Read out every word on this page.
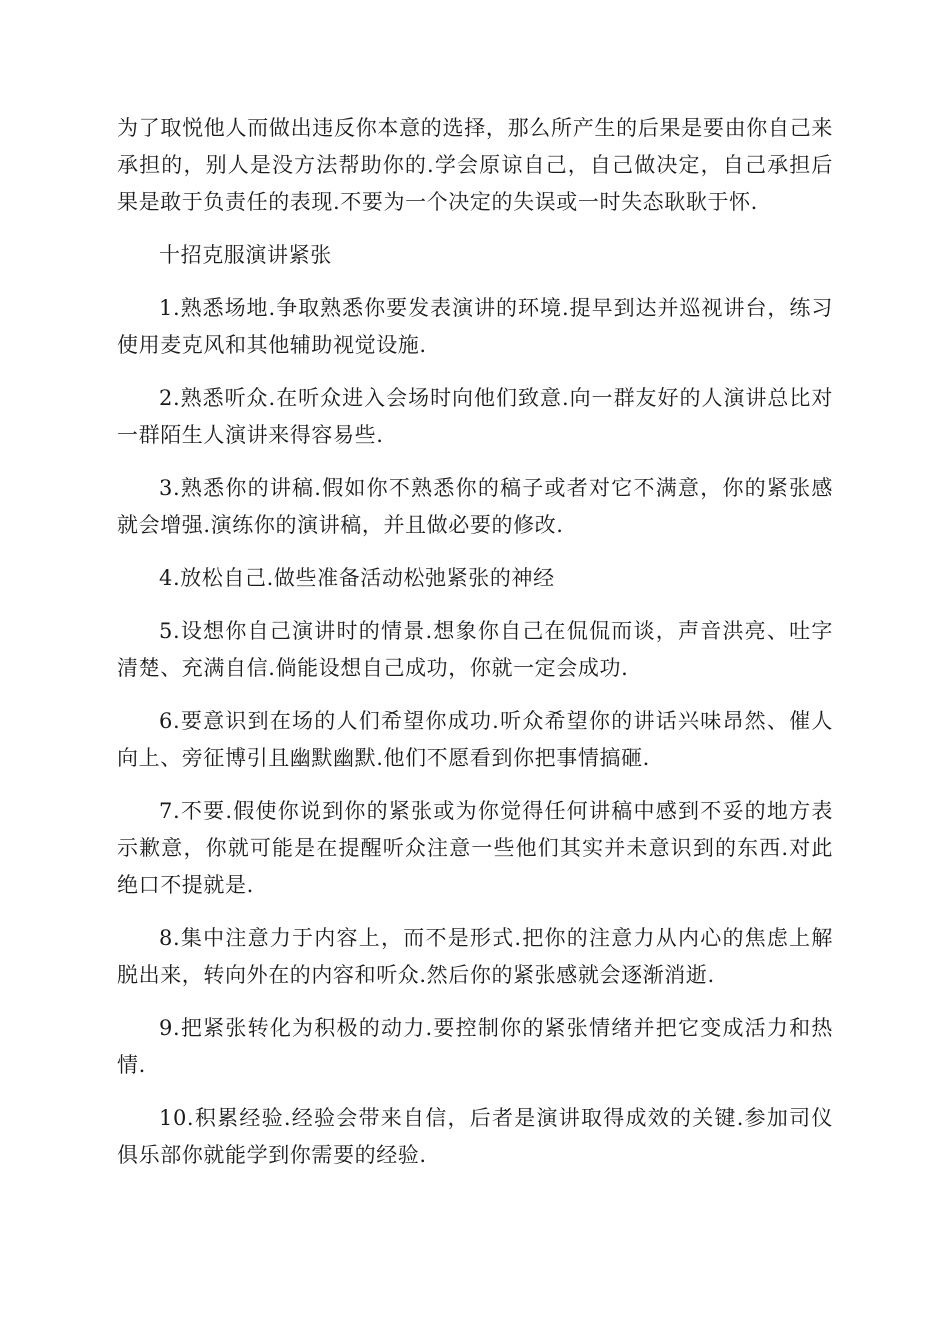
为了取悦他人而做出违反你本意的选择，那么所产生的后果是要由你自己来承担的，别人是没方法帮助你的.学会原谅自己，自己做决定，自己承担后果是敢于负责任的表现.不要为一个决定的失误或一时失态耿耿于怀.

十招克服演讲紧张

1.熟悉场地.争取熟悉你要发表演讲的环境.提早到达并巡视讲台，练习使用麦克风和其他辅助视觉设施.

2.熟悉听众.在听众进入会场时向他们致意.向一群友好的人演讲总比对一群陌生人演讲来得容易些.

3.熟悉你的讲稿.假如你不熟悉你的稿子或者对它不满意，你的紧张感就会增强.演练你的演讲稿，并且做必要的修改.

4.放松自己.做些准备活动松弛紧张的神经

5.设想你自己演讲时的情景.想象你自己在侃侃而谈，声音洪亮、吐字清楚、充满自信.倘能设想自己成功，你就一定会成功.

6.要意识到在场的人们希望你成功.听众希望你的讲话兴味昂然、催人向上、旁征博引且幽默幽默.他们不愿看到你把事情搞砸.

7.不要.假使你说到你的紧张或为你觉得任何讲稿中感到不妥的地方表示歉意，你就可能是在提醒听众注意一些他们其实并未意识到的东西.对此绝口不提就是.

8.集中注意力于内容上，而不是形式.把你的注意力从内心的焦虑上解脱出来，转向外在的内容和听众.然后你的紧张感就会逐渐消逝.

9.把紧张转化为积极的动力.要控制你的紧张情绪并把它变成活力和热情.

10.积累经验.经验会带来自信，后者是演讲取得成效的关键.参加司仪俱乐部你就能学到你需要的经验.
